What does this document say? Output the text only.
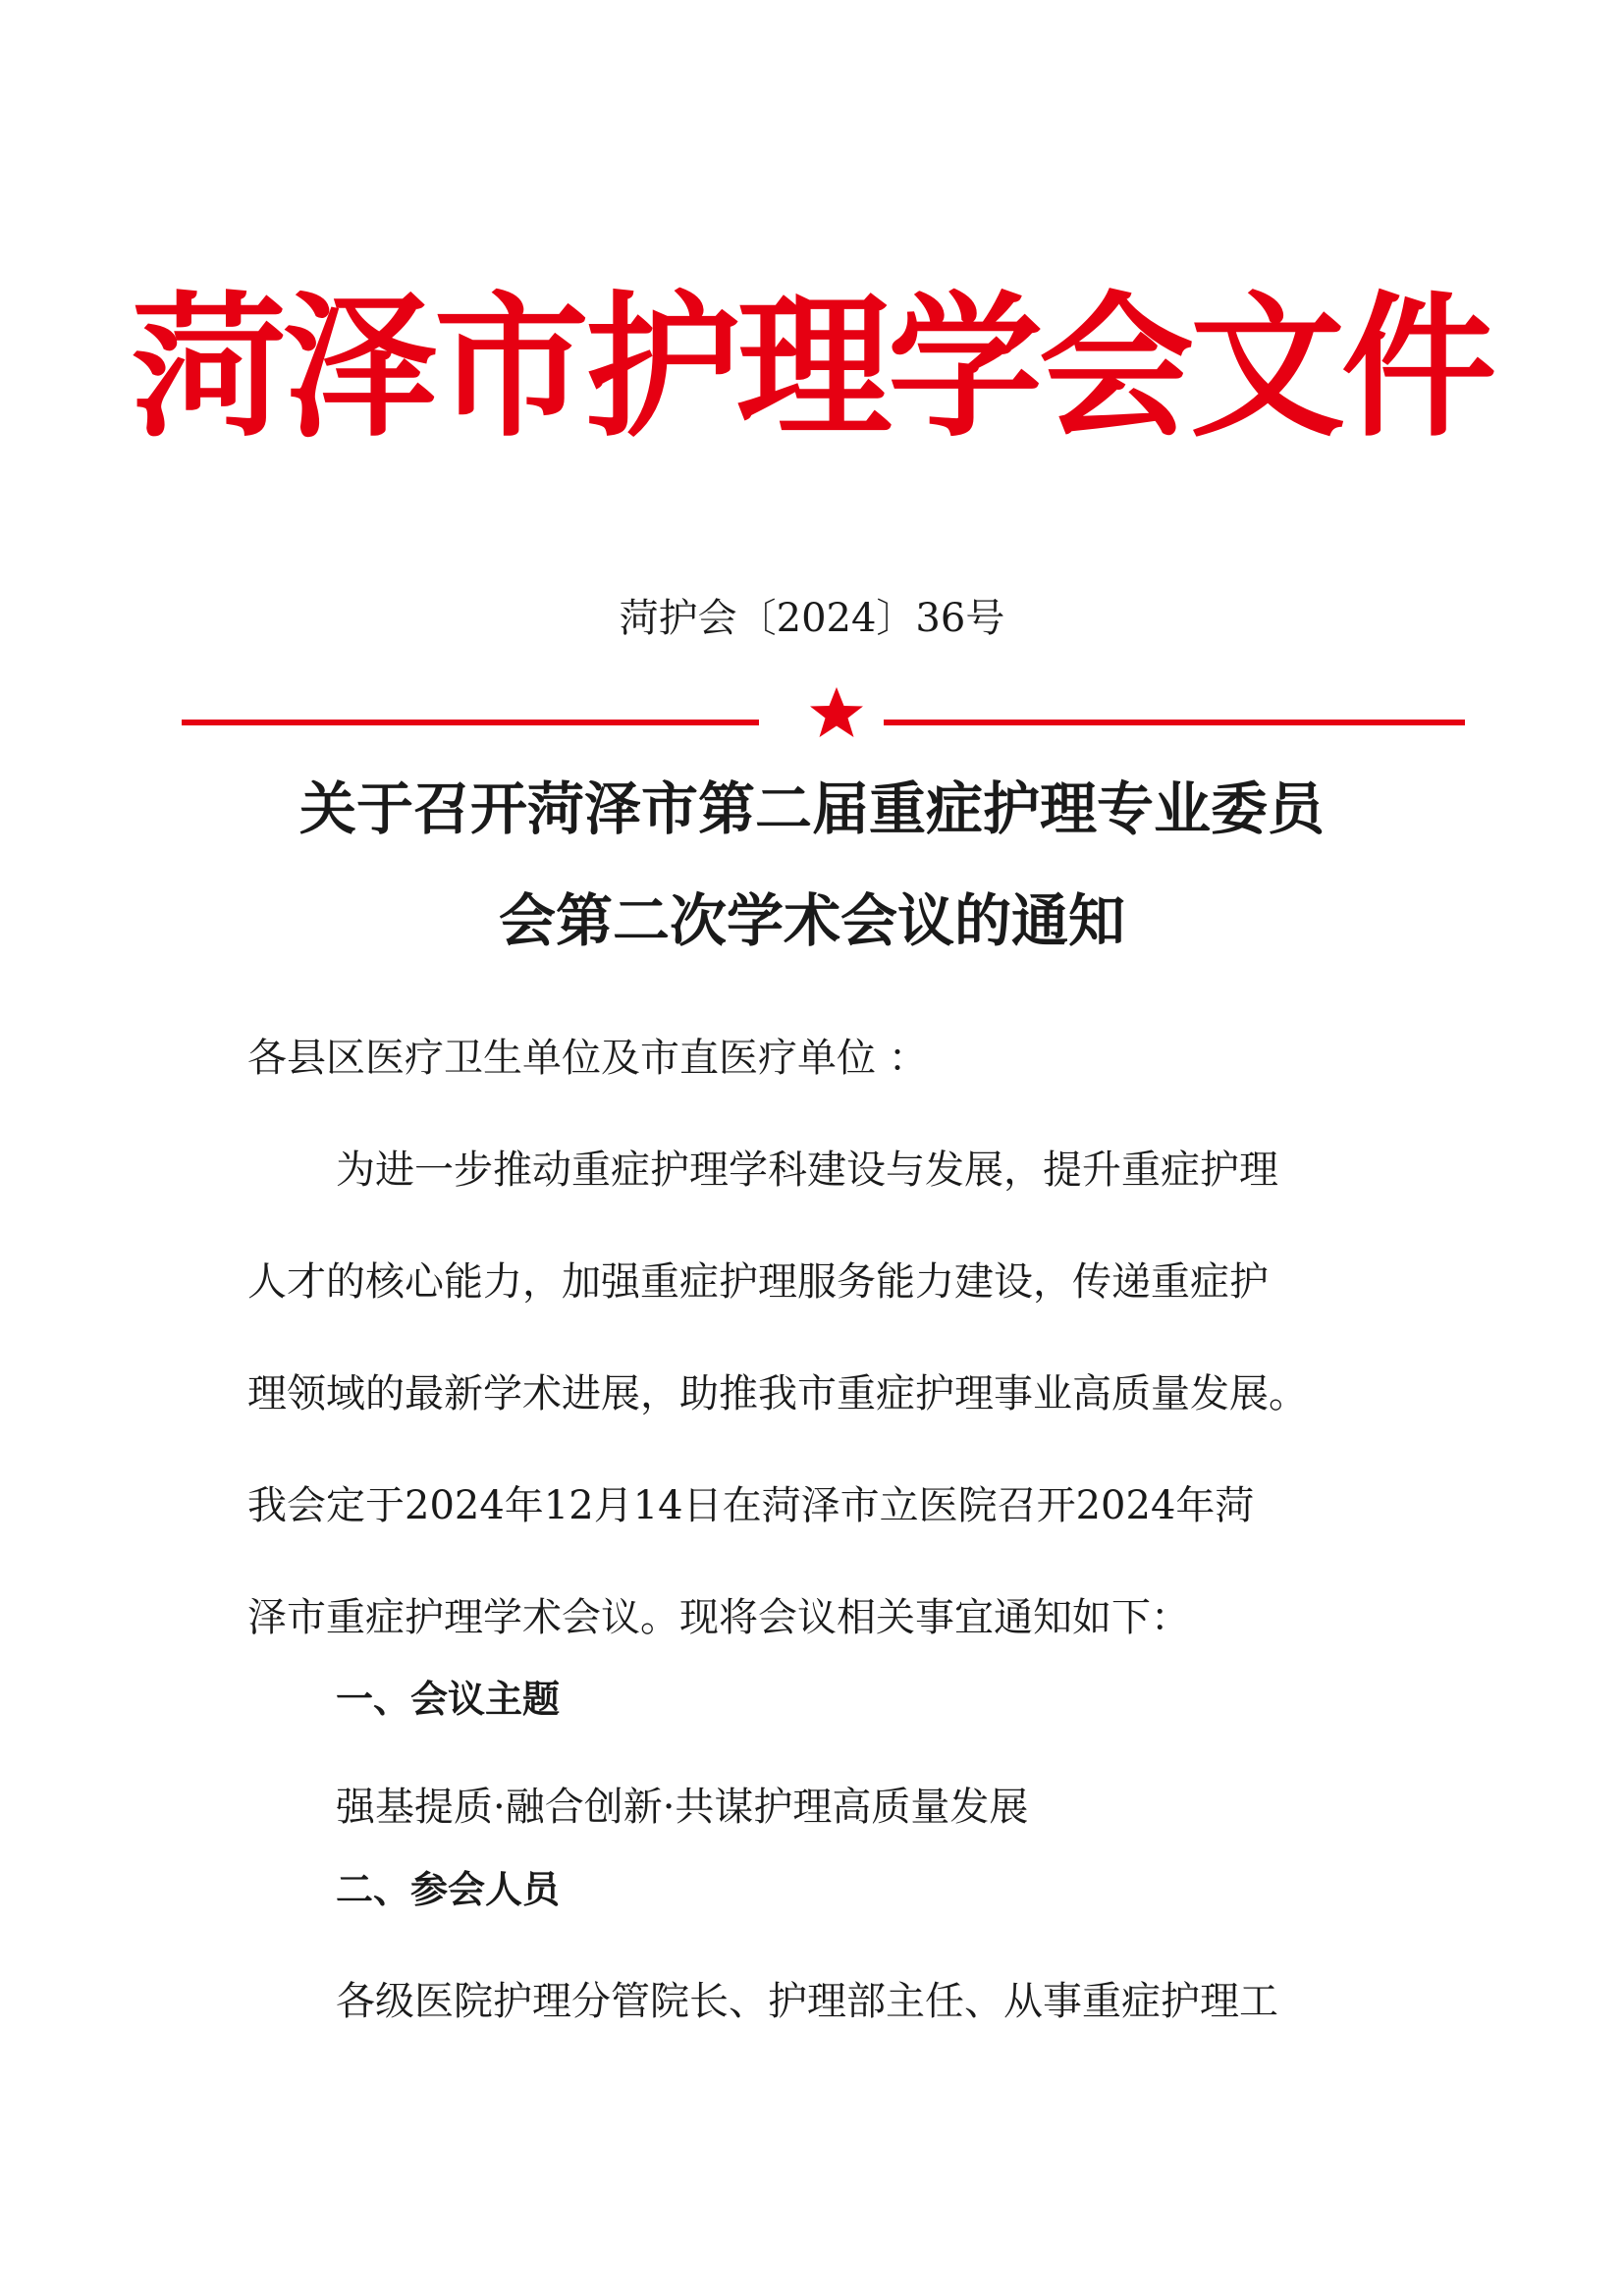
菏泽市护理学会文件
菏护会〔2024〕36号
关于召开菏泽市第二届重症护理专业委员
会第二次学术会议的通知
各县区医疗卫生单位及市直医疗单位 ：
为进一步推动重症护理学科建设与发展，提升重症护理
人才的核心能力，加强重症护理服务能力建设，传递重症护
理领域的最新学术进展，助推我市重症护理事业高质量发展。
我会定于2024年12月14日在菏泽市立医院召开2024年菏
泽市重症护理学术会议。现将会议相关事宜通知如下：
一、会议主题
强基提质·融合创新·共谋护理高质量发展
二、参会人员
各级医院护理分管院长、护理部主任、从事重症护理工
